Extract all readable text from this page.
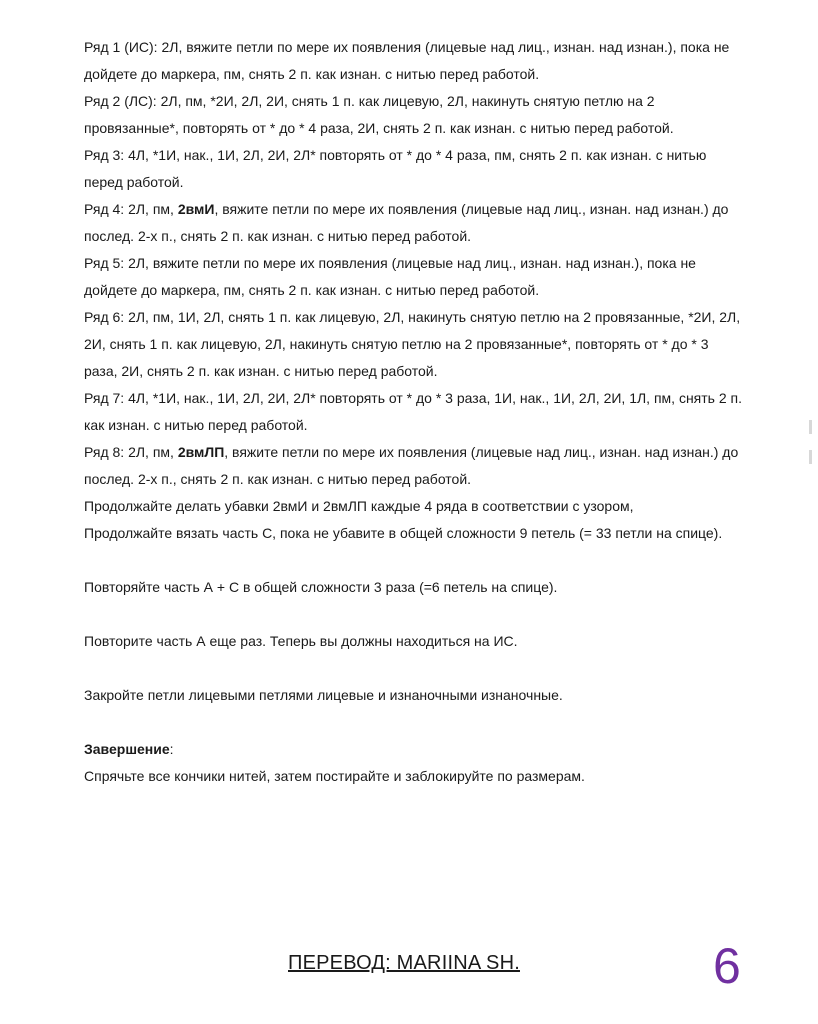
Ряд 1 (ИС): 2Л, вяжите петли по мере их появления (лицевые над лиц., изнан. над изнан.), пока не дойдете до маркера, пм, снять 2 п. как изнан. с нитью перед работой.
Ряд 2 (ЛС): 2Л, пм, *2И, 2Л, 2И, снять 1 п. как лицевую, 2Л, накинуть снятую петлю на 2 провязанные*, повторять от * до * 4 раза, 2И, снять 2 п. как изнан. с нитью перед работой.
Ряд 3: 4Л, *1И, нак., 1И, 2Л, 2И, 2Л* повторять от * до * 4 раза, пм, снять 2 п. как изнан. с нитью перед работой.
Ряд 4: 2Л, пм, 2вмИ, вяжите петли по мере их появления (лицевые над лиц., изнан. над изнан.) до послед. 2-х п., снять 2 п. как изнан. с нитью перед работой.
Ряд 5: 2Л, вяжите петли по мере их появления (лицевые над лиц., изнан. над изнан.), пока не дойдете до маркера, пм, снять 2 п. как изнан. с нитью перед работой.
Ряд 6: 2Л, пм, 1И, 2Л, снять 1 п. как лицевую, 2Л, накинуть снятую петлю на 2 провязанные, *2И, 2Л, 2И, снять 1 п. как лицевую, 2Л, накинуть снятую петлю на 2 провязанные*, повторять от * до * 3 раза, 2И, снять 2 п. как изнан. с нитью перед работой.
Ряд 7: 4Л, *1И, нак., 1И, 2Л, 2И, 2Л* повторять от * до * 3 раза, 1И, нак., 1И, 2Л, 2И, 1Л, пм, снять 2 п. как изнан. с нитью перед работой.
Ряд 8: 2Л, пм, 2вмЛП, вяжите петли по мере их появления (лицевые над лиц., изнан. над изнан.) до послед. 2-х п., снять 2 п. как изнан. с нитью перед работой.
Продолжайте делать убавки 2вмИ и 2вмЛП каждые 4 ряда в соответствии с узором,
Продолжайте вязать часть С, пока не убавите в общей сложности 9 петель (= 33 петли на спице).
Повторяйте часть А + С в общей сложности 3 раза (=6 петель на спице).
Повторите часть А еще раз. Теперь вы должны находиться на ИС.
Закройте петли лицевыми петлями лицевые и изнаночными изнаночные.
Завершение:
Спрячьте все кончики нитей, затем постирайте и заблокируйте по размерам.
ПЕРЕВОД: MARIINA SH.	6
